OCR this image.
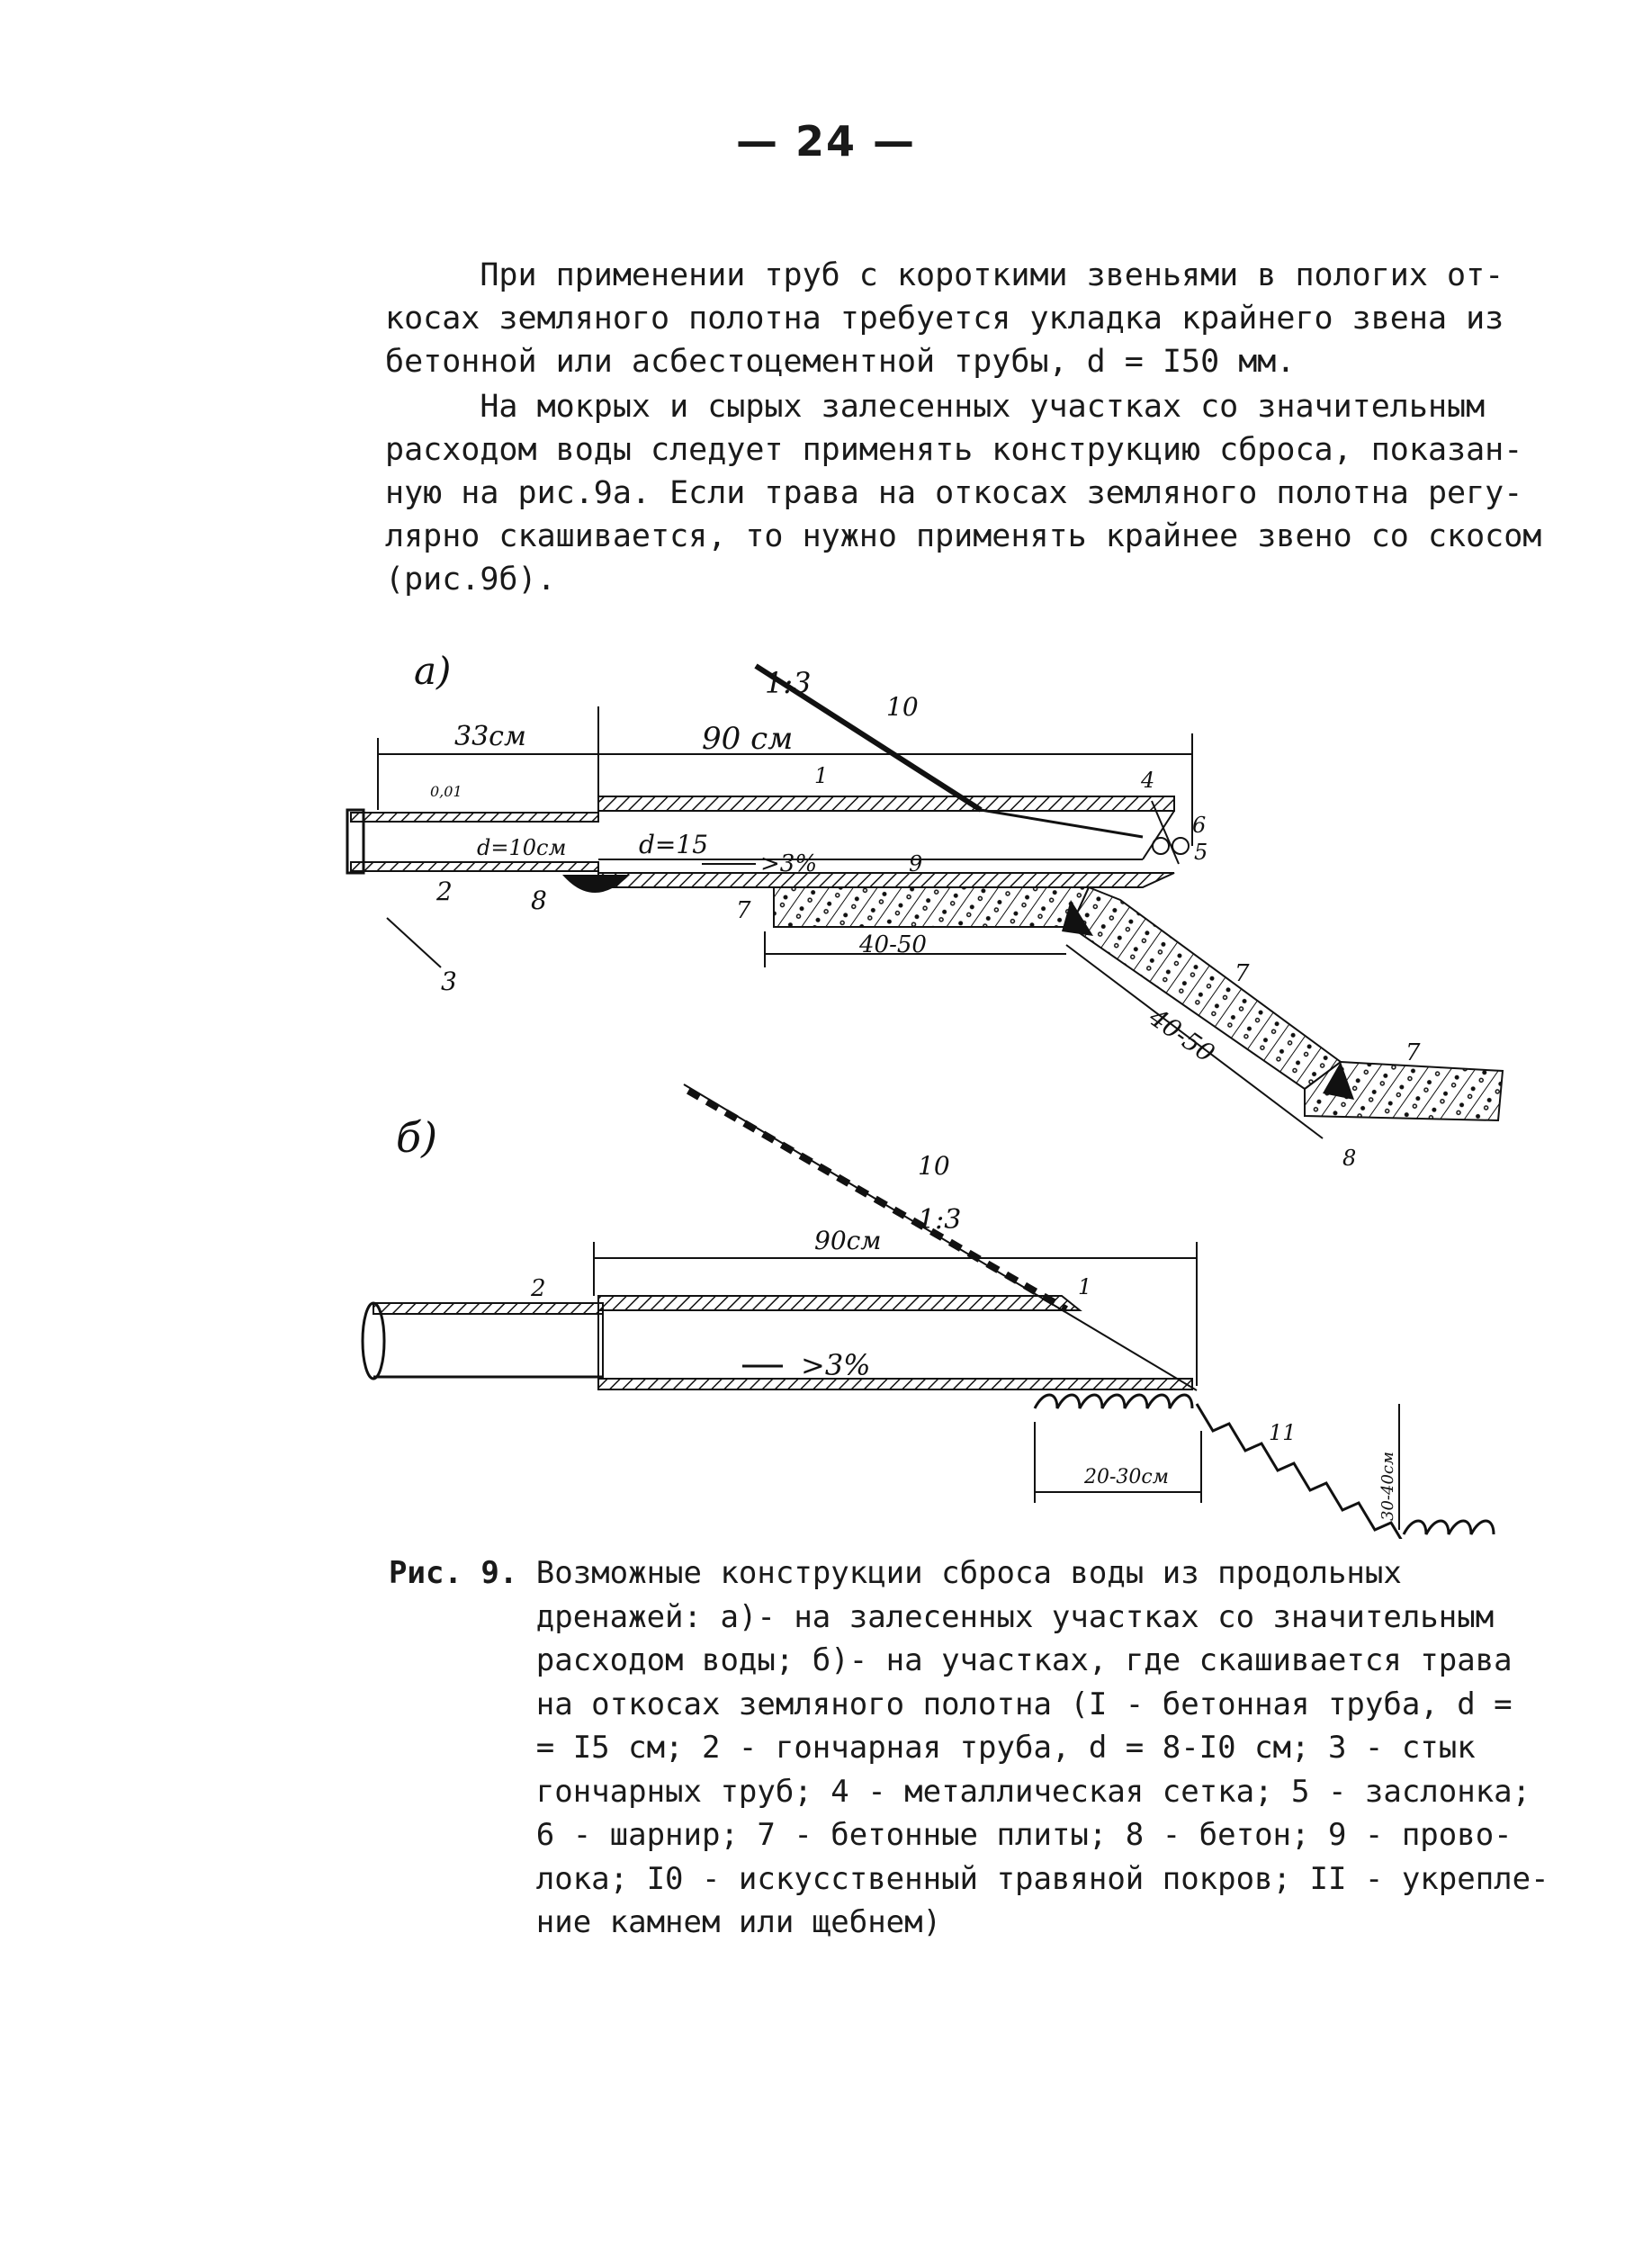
— 24 —
При применении труб с короткими звеньями в пологих от-
косах земляного полотна требуется укладка крайнего звена из
бетонной или асбестоцементной трубы, d = I50 мм.
На мокрых и сырых залесенных участках со значительным
расходом воды следует применять конструкцию сброса, показан-
ную на рис.9а. Если трава на откосах земляного полотна регу-
лярно скашивается, то нужно применять крайнее звено со скосом
(рис.9б).
а)	1:3
10
33см	90 см
0,01
d=10см	d=15
>3%
40-50
40-50
1	4
6
5
9
2	8
3
7
7
7
8
б)
10
1:3
90см
2	1
>3%
11
20-30см	30-40см
Рис. 9. Возможные конструкции сброса воды из продольных
дренажей: а)- на залесенных участках со значительным
расходом воды; б)- на участках, где скашивается трава
на откосах земляного полотна (I - бетонная труба, d =
= I5 см; 2 - гончарная труба, d = 8-I0 см; 3 - стык
гончарных труб; 4 - металлическая сетка; 5 - заслонка;
6 - шарнир; 7 - бетонные плиты; 8 - бетон; 9 - прово-
лока; I0 - искусственный травяной покров; II - укрепле-
ние камнем или щебнем)
